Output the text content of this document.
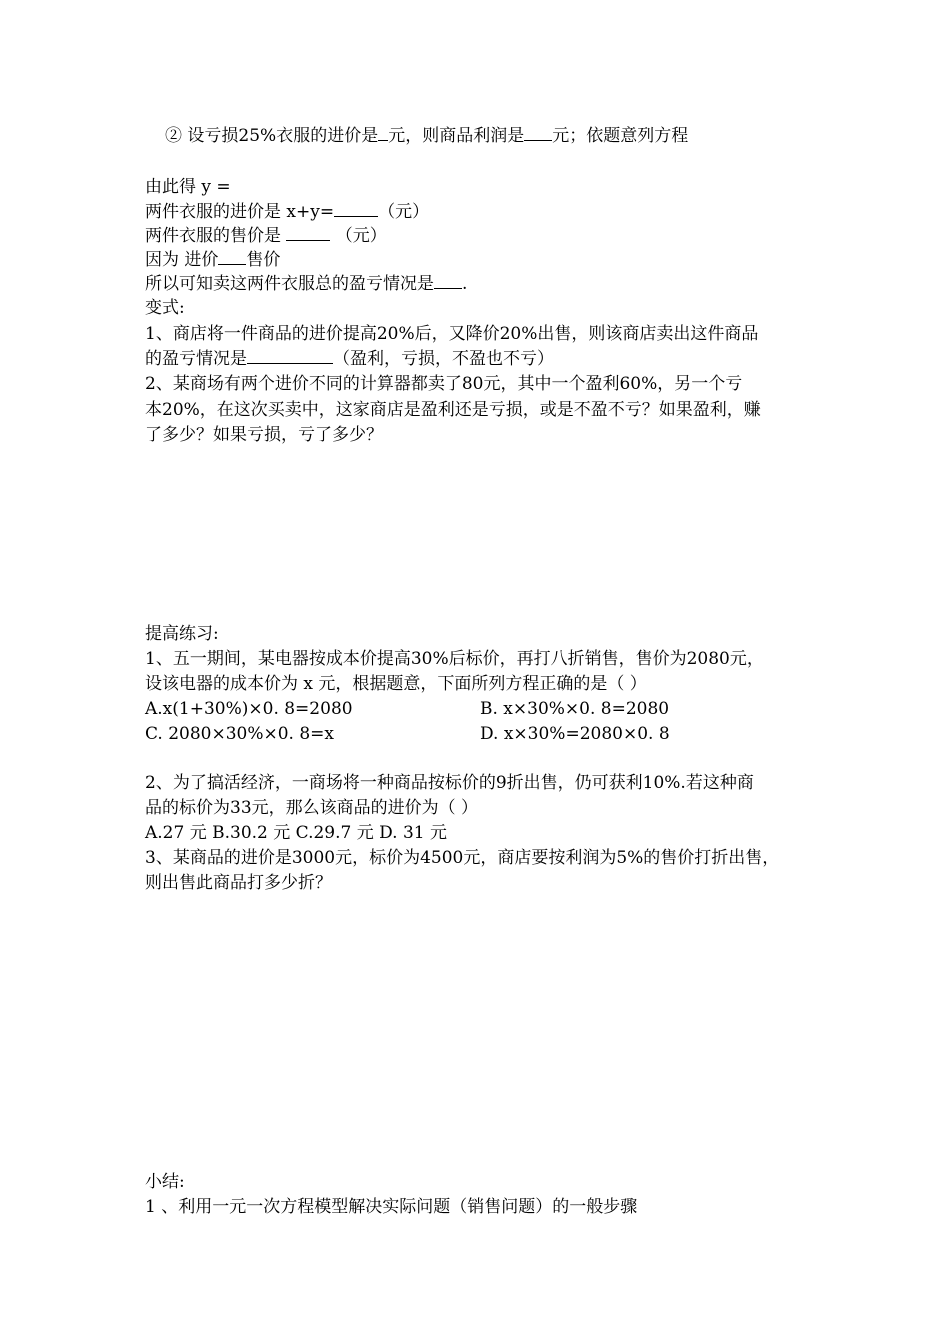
② 设亏损25%衣服的进价是 元，则商品利润是 元；依题意列方程
由此得 y =
两件衣服的进价是 x+y=	（元）
两件衣服的售价是	（元）
因为 进价 售价
所以可知卖这两件衣服总的盈亏情况是 .
变式:
1、商店将一件商品的进价提高20%后，又降价20%出售，则该商店卖出这件商品
的盈亏情况是	（盈利，亏损，不盈也不亏）
2、某商场有两个进价不同的计算器都卖了80元，其中一个盈利60%，另一个亏
本20%，在这次买卖中，这家商店是盈利还是亏损，或是不盈不亏？如果盈利，赚
了多少？如果亏损，亏了多少？
提高练习:
1、五一期间，某电器按成本价提高30%后标价，再打八折销售，售价为2080元，
设该电器的成本价为 x 元，根据题意，下面所列方程正确的是（ ）
A.x(1+30%)×0. 8=2080	B. x×30%×0. 8=2080
C. 2080×30%×0. 8=x	D. x×30%=2080×0. 8
2、为了搞活经济，一商场将一种商品按标价的9折出售，仍可获利10%.若这种商
品的标价为33元，那么该商品的进价为（ ）
A.27 元 B.30.2 元 C.29.7 元 D. 31 元
3、某商品的进价是3000元，标价为4500元，商店要按利润为5%的售价打折出售，
则出售此商品打多少折？
小结:
1 、利用一元一次方程模型解决实际问题（销售问题）的一般步骤
